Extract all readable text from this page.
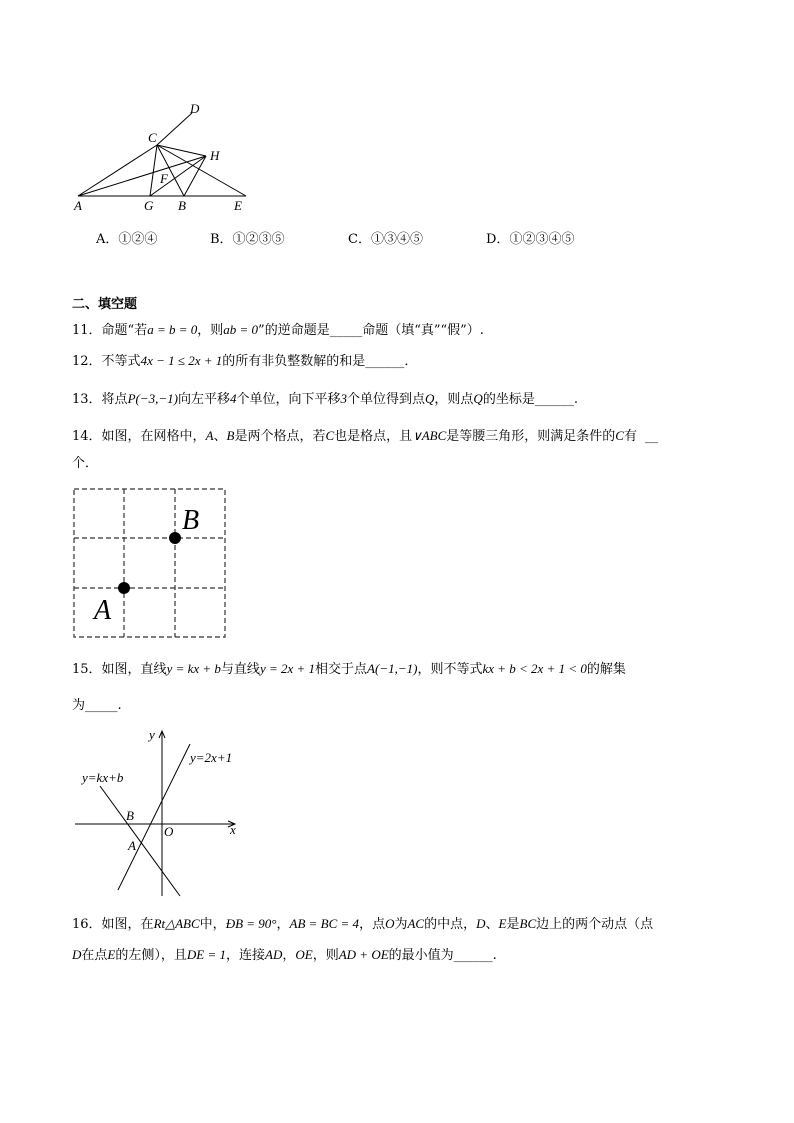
D
C
H
F
A	G B	E
A．①②④	B．①②③⑤	C．①③④⑤	D．①②③④⑤
二、填空题
11．命题“若a = b = 0，则ab = 0”的逆命题是_____命题（填“真”“假”）.
12．不等式4x − 1 ≤ 2x + 1的所有非负整数解的和是______．
13．将点P(−3,−1)向左平移4个单位，向下平移3个单位得到点Q，则点Q的坐标是______.
14．如图，在网格中，A、B是两个格点，若C也是格点，且∨ABC是等腰三角形，则满足条件的C有 __
个．
A
B
15．如图，直线y = kx + b与直线y = 2x + 1相交于点A(−1,−1)，则不等式kx + b < 2x + 1 < 0的解集
为_____.
y
x
O
y=2x+1
y=kx+b
B
A
16．如图，在Rt△ABC中，ÐB = 90°，AB = BC = 4，点O为AC的中点，D、E是BC边上的两个动点（点
D在点E的左侧），且DE = 1，连接AD，OE，则AD + OE的最小值为______.
